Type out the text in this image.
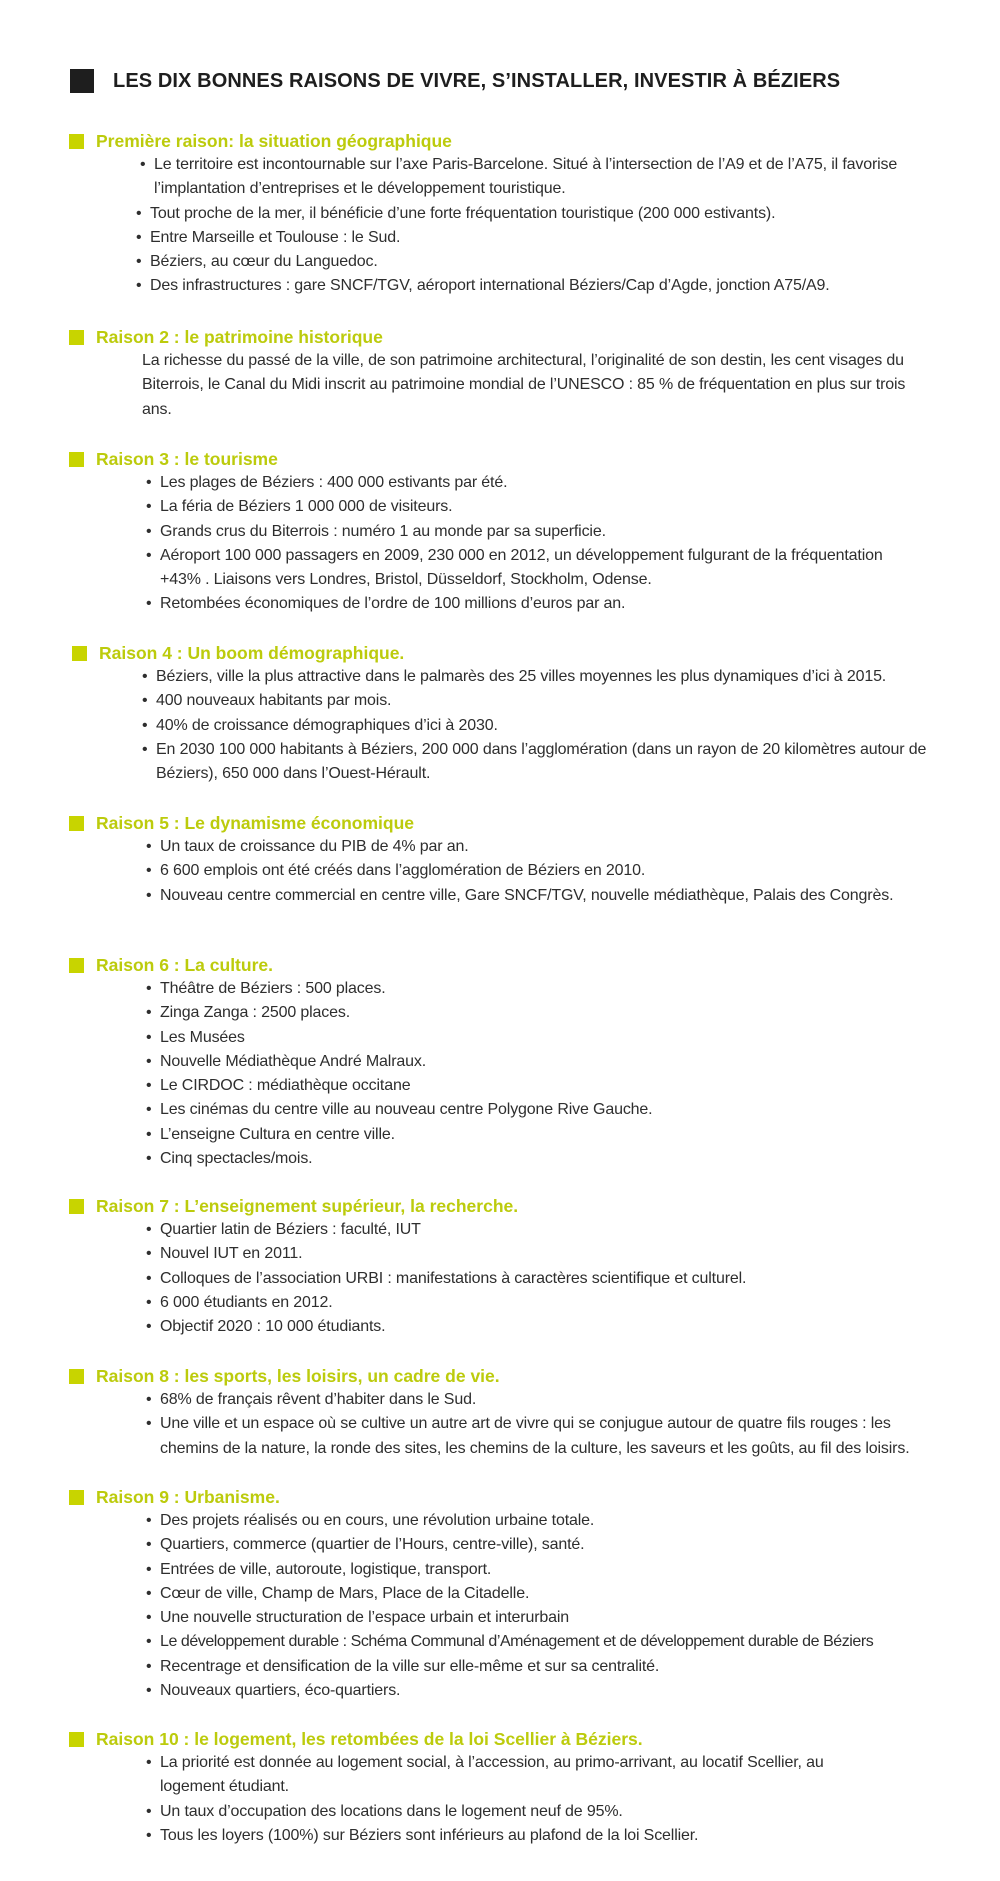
LES DIX BONNES RAISONS DE VIVRE, S’INSTALLER, INVESTIR À BÉZIERS
Première raison: la situation géographique
• Le territoire est incontournable sur l’axe Paris-Barcelone. Situé à l’intersection de l’A9 et de l’A75, il favorise l’implantation d’entreprises et le développement touristique.
• Tout proche de la mer, il bénéficie d’une forte fréquentation touristique (200 000 estivants).
• Entre Marseille et Toulouse : le Sud.
• Béziers, au cœur du Languedoc.
• Des infrastructures : gare SNCF/TGV, aéroport international Béziers/Cap d’Agde, jonction A75/A9.
Raison 2 : le patrimoine historique

La richesse du passé de la ville, de son patrimoine architectural, l’originalité de son destin, les cent visages du Biterrois, le Canal du Midi inscrit au patrimoine mondial de l’UNESCO : 85 % de fréquentation en plus sur trois ans.

Raison 3 : le tourisme
• Les plages de Béziers : 400 000 estivants par été.
• La féria de Béziers 1 000 000 de visiteurs.
• Grands crus du Biterrois : numéro 1 au monde par sa superficie.
• Aéroport 100 000 passagers en 2009, 230 000 en 2012, un développement fulgurant de la fréquentation +43% . Liaisons vers Londres, Bristol, Düsseldorf, Stockholm, Odense.
• Retombées économiques de l’ordre de 100 millions d’euros par an.
Raison 4 : Un boom démographique.
• Béziers, ville la plus attractive dans le palmarès des 25 villes moyennes les plus dynamiques d’ici à 2015.
• 400 nouveaux habitants par mois.
• 40% de croissance démographiques d’ici à 2030.
• En 2030 100 000 habitants à Béziers, 200 000 dans l’agglomération (dans un rayon de 20 kilomètres autour de Béziers), 650 000 dans l’Ouest-Hérault.
Raison 5 : Le dynamisme économique
• Un taux de croissance du PIB de 4% par an.
• 6 600 emplois ont été créés dans l’agglomération de Béziers en 2010.
• Nouveau centre commercial en centre ville, Gare SNCF/TGV, nouvelle médiathèque, Palais des Congrès.
Raison 6 : La culture.
• Théâtre de Béziers : 500 places.
• Zinga Zanga : 2500 places.
• Les Musées
• Nouvelle Médiathèque André Malraux.
• Le CIRDOC : médiathèque occitane
• Les cinémas du centre ville au nouveau centre Polygone Rive Gauche.
• L’enseigne Cultura en centre ville.
• Cinq spectacles/mois.
Raison 7 : L’enseignement supérieur, la recherche.
• Quartier latin de Béziers : faculté, IUT
• Nouvel IUT en 2011.
• Colloques de l’association URBI : manifestations à caractères scientifique et culturel.
• 6 000 étudiants en 2012.
• Objectif 2020 : 10 000 étudiants.
Raison 8 : les sports, les loisirs, un cadre de vie.
• 68% de français rêvent d’habiter dans le Sud.
• Une ville et un espace où se cultive un autre art de vivre qui se conjugue autour de quatre fils rouges : les chemins de la nature, la ronde des sites, les chemins de la culture, les saveurs et les goûts, au fil des loisirs.
Raison 9 : Urbanisme.
• Des projets réalisés ou en cours, une révolution urbaine totale.
• Quartiers, commerce (quartier de l’Hours, centre-ville), santé.
• Entrées de ville, autoroute, logistique, transport.
• Cœur de ville, Champ de Mars, Place de la Citadelle.
• Une nouvelle structuration de l’espace urbain et interurbain
• Le développement durable : Schéma Communal d’Aménagement et de développement durable de Béziers
• Recentrage et densification de la ville sur elle-même et sur sa centralité.
• Nouveaux quartiers, éco-quartiers.
Raison 10 : le logement, les retombées de la loi Scellier à Béziers.
• La priorité est donnée au logement social, à l’accession, au primo-arrivant, au locatif Scellier, au logement étudiant.
• Un taux d’occupation des locations dans le logement neuf de 95%.
• Tous les loyers (100%) sur Béziers sont inférieurs au plafond de la loi Scellier.
